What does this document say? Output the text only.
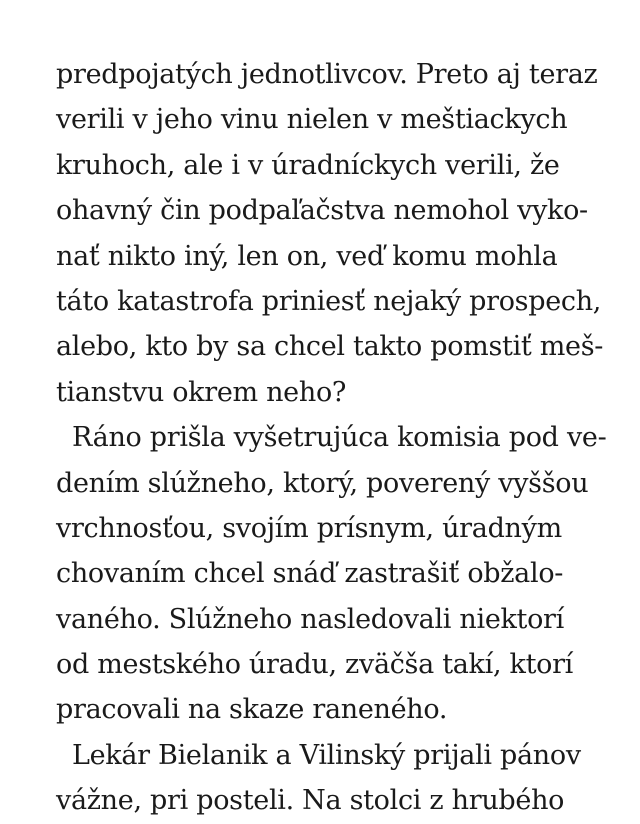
predpojatých jednotlivcov. Preto aj teraz
verili v jeho vinu nielen v meštiackych
kruhoch, ale i v úradníckych verili, že
ohavný čin podpaľačstva nemohol vyko-
nať nikto iný, len on, veď komu mohla
táto katastrofa priniesť nejaký prospech,
alebo, kto by sa chcel takto pomstiť meš-
tianstvu okrem neho?
Ráno prišla vyšetrujúca komisia pod ve-
dením slúžneho, ktorý, poverený vyššou
vrchnosťou, svojím prísnym, úradným
chovaním chcel snáď zastrašiť obžalo-
vaného. Slúžneho nasledovali niektorí
od mestského úradu, zväčša takí, ktorí
pracovali na skaze raneného.
Lekár Bielanik a Vilinský prijali pánov
vážne, pri posteli. Na stolci z hrubého
